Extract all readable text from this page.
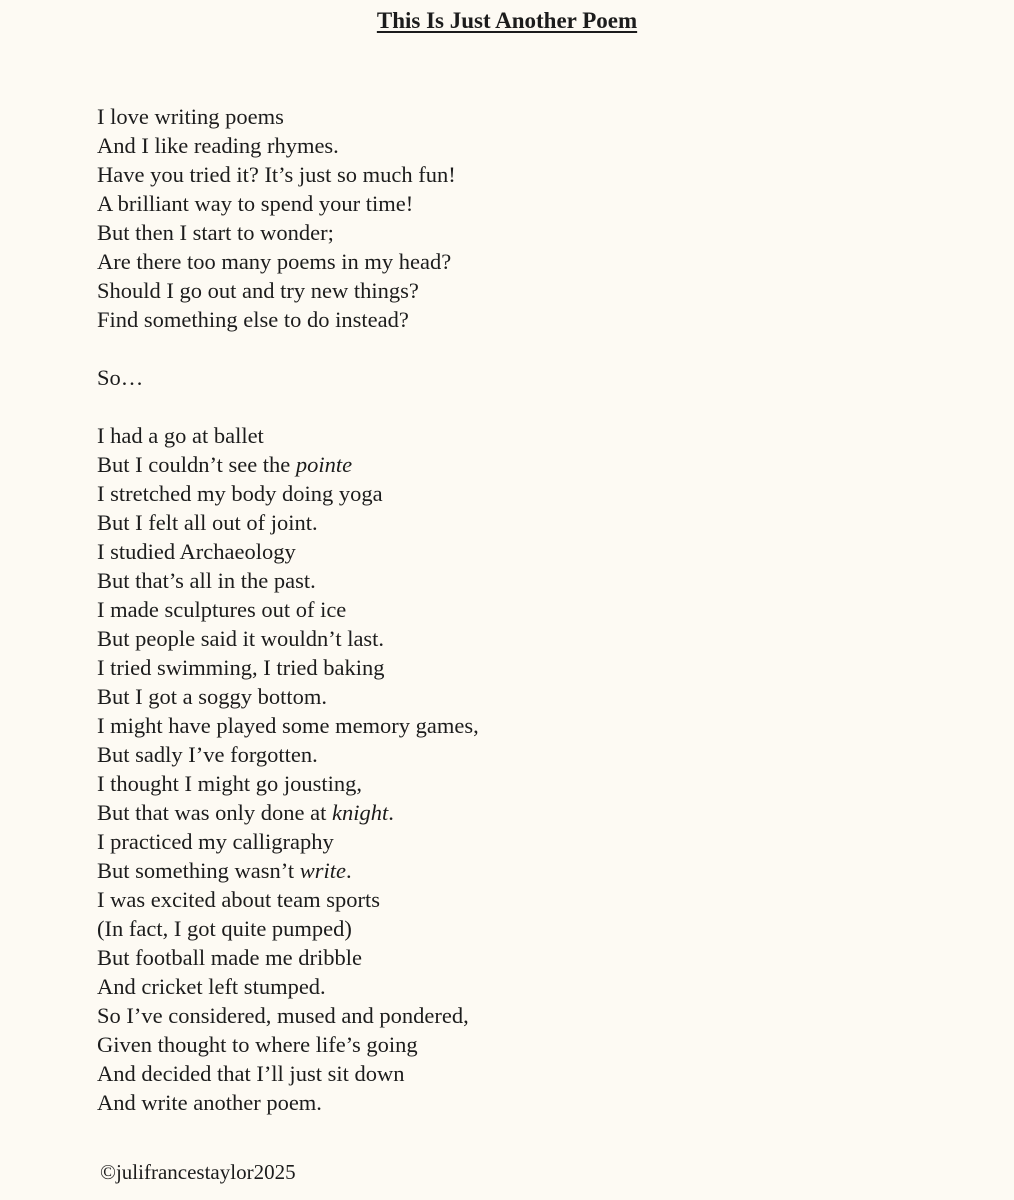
This Is Just Another Poem
I love writing poems
And I like reading rhymes.
Have you tried it? It’s just so much fun!
A brilliant way to spend your time!
But then I start to wonder;
Are there too many poems in my head?
Should I go out and try new things?
Find something else to do instead?
So…
I had a go at ballet
But I couldn’t see the pointe
I stretched my body doing yoga
But I felt all out of joint.
I studied Archaeology
But that’s all in the past.
I made sculptures out of ice
But people said it wouldn’t last.
I tried swimming, I tried baking
But I got a soggy bottom.
I might have played some memory games,
But sadly I’ve forgotten.
I thought I might go jousting,
But that was only done at knight.
I practiced my calligraphy
But something wasn’t write.
I was excited about team sports
(In fact, I got quite pumped)
But football made me dribble
And cricket left stumped.
So I’ve considered, mused and pondered,
Given thought to where life’s going
And decided that I’ll just sit down
And write another poem.
©julifrancestaylor2025
